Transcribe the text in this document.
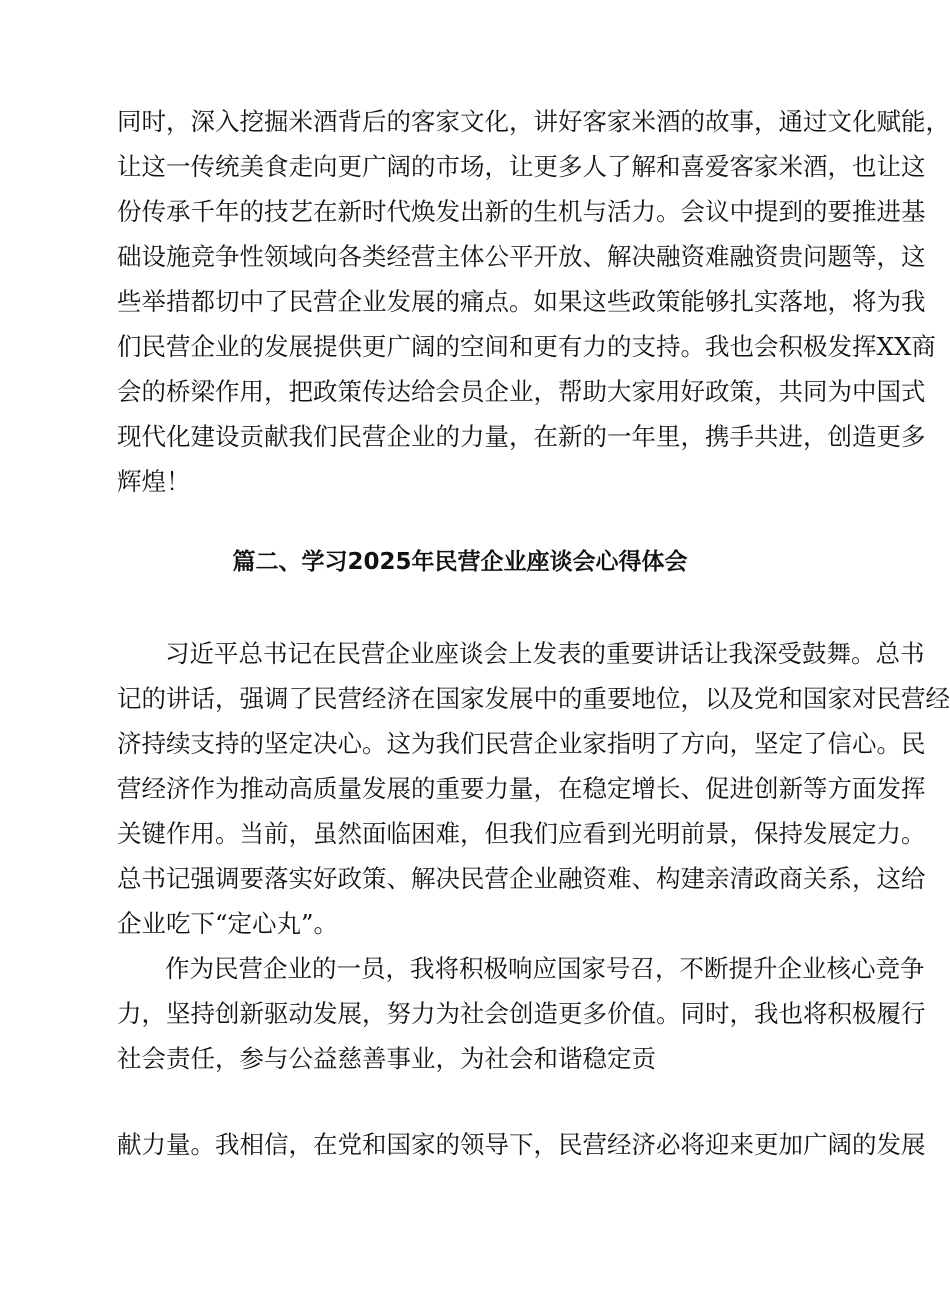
同时，深入挖掘米酒背后的客家文化，讲好客家米酒的故事，通过文化赋能，
让这一传统美食走向更广阔的市场，让更多人了解和喜爱客家米酒，也让这
份传承千年的技艺在新时代焕发出新的生机与活力。会议中提到的要推进基
础设施竞争性领域向各类经营主体公平开放、解决融资难融资贵问题等，这
些举措都切中了民营企业发展的痛点。如果这些政策能够扎实落地，将为我
们民营企业的发展提供更广阔的空间和更有力的支持。我也会积极发挥XX商
会的桥梁作用，把政策传达给会员企业，帮助大家用好政策，共同为中国式
现代化建设贡献我们民营企业的力量，在新的一年里，携手共进，创造更多
辉煌！
篇二、学习2025年民营企业座谈会心得体会
习近平总书记在民营企业座谈会上发表的重要讲话让我深受鼓舞。总书
记的讲话，强调了民营经济在国家发展中的重要地位，以及党和国家对民营经
济持续支持的坚定决心。这为我们民营企业家指明了方向，坚定了信心。民
营经济作为推动高质量发展的重要力量，在稳定增长、促进创新等方面发挥
关键作用。当前，虽然面临困难，但我们应看到光明前景，保持发展定力。
总书记强调要落实好政策、解决民营企业融资难、构建亲清政商关系，这给
企业吃下“定心丸”。
作为民营企业的一员，我将积极响应国家号召，不断提升企业核心竞争
力，坚持创新驱动发展，努力为社会创造更多价值。同时，我也将积极履行
社会责任，参与公益慈善事业，为社会和谐稳定贡
献力量。我相信，在党和国家的领导下，民营经济必将迎来更加广阔的发展
